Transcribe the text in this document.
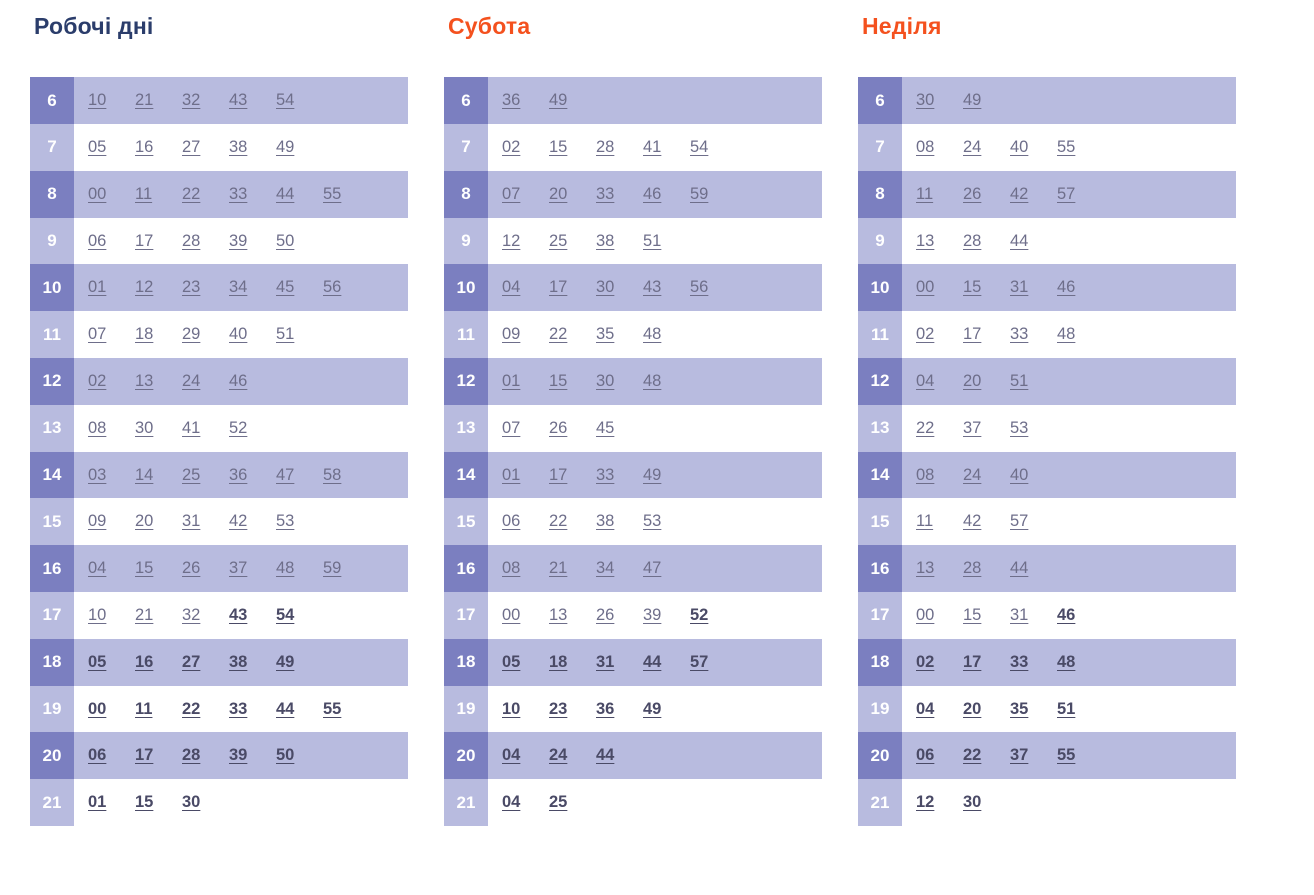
Робочі дні
6	10	21	32	43	54
7	05	16	27	38	49
8	00	11	22	33	44	55
9	06	17	28	39	50
10	01	12	23	34	45	56
11	07	18	29	40	51
12	02	13	24	46
13	08	30	41	52
14	03	14	25	36	47	58
15	09	20	31	42	53
16	04	15	26	37	48	59
17	10	21	32	43	54
18	05	16	27	38	49
19	00	11	22	33	44	55
20	06	17	28	39	50
21	01	15	30
Субота
6	36	49
7	02	15	28	41	54
8	07	20	33	46	59
9	12	25	38	51
10	04	17	30	43	56
11	09	22	35	48
12	01	15	30	48
13	07	26	45
14	01	17	33	49
15	06	22	38	53
16	08	21	34	47
17	00	13	26	39	52
18	05	18	31	44	57
19	10	23	36	49
20	04	24	44
21	04	25
Неділя
6	30	49
7	08	24	40	55
8	11	26	42	57
9	13	28	44
10	00	15	31	46
11	02	17	33	48
12	04	20	51
13	22	37	53
14	08	24	40
15	11	42	57
16	13	28	44
17	00	15	31	46
18	02	17	33	48
19	04	20	35	51
20	06	22	37	55
21	12	30
